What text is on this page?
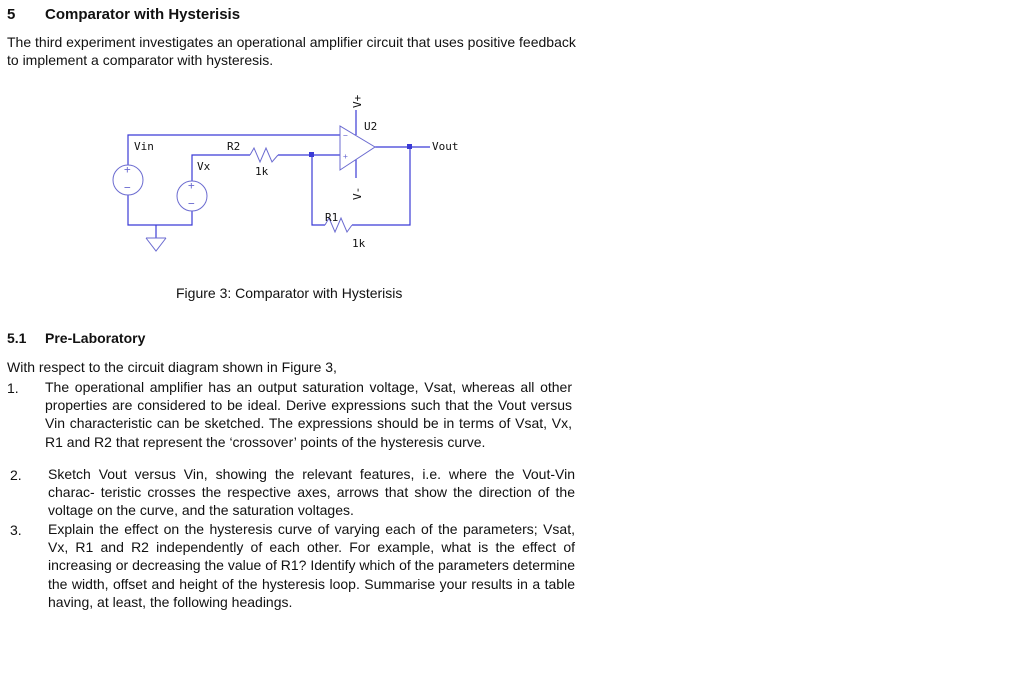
5 Comparator with Hysterisis
The third experiment investigates an operational amplifier circuit that uses positive feedback to implement a comparator with hysteresis.
+
−	+
−
−
+
Vin
Vx
R2
1k
R1
1k
U2
Vout
V+
V-
Figure 3: Comparator with Hysterisis
5.1 Pre-Laboratory
With respect to the circuit diagram shown in Figure 3,
1. The operational amplifier has an output saturation voltage, Vsat, whereas all other properties are considered to be ideal. Derive expressions such that the Vout versus Vin characteristic can be sketched. The expressions should be in terms of Vsat, Vx, R1 and R2 that represent the ‘crossover’ points of the hysteresis curve.
2. Sketch Vout versus Vin, showing the relevant features, i.e. where the Vout-Vin charac- teristic crosses the respective axes, arrows that show the direction of the voltage on the curve, and the saturation voltages.
3. Explain the effect on the hysteresis curve of varying each of the parameters; Vsat, Vx, R1 and R2 independently of each other. For example, what is the effect of increasing or decreasing the value of R1? Identify which of the parameters determine the width, offset and height of the hysteresis loop. Summarise your results in a table having, at least, the following headings.
